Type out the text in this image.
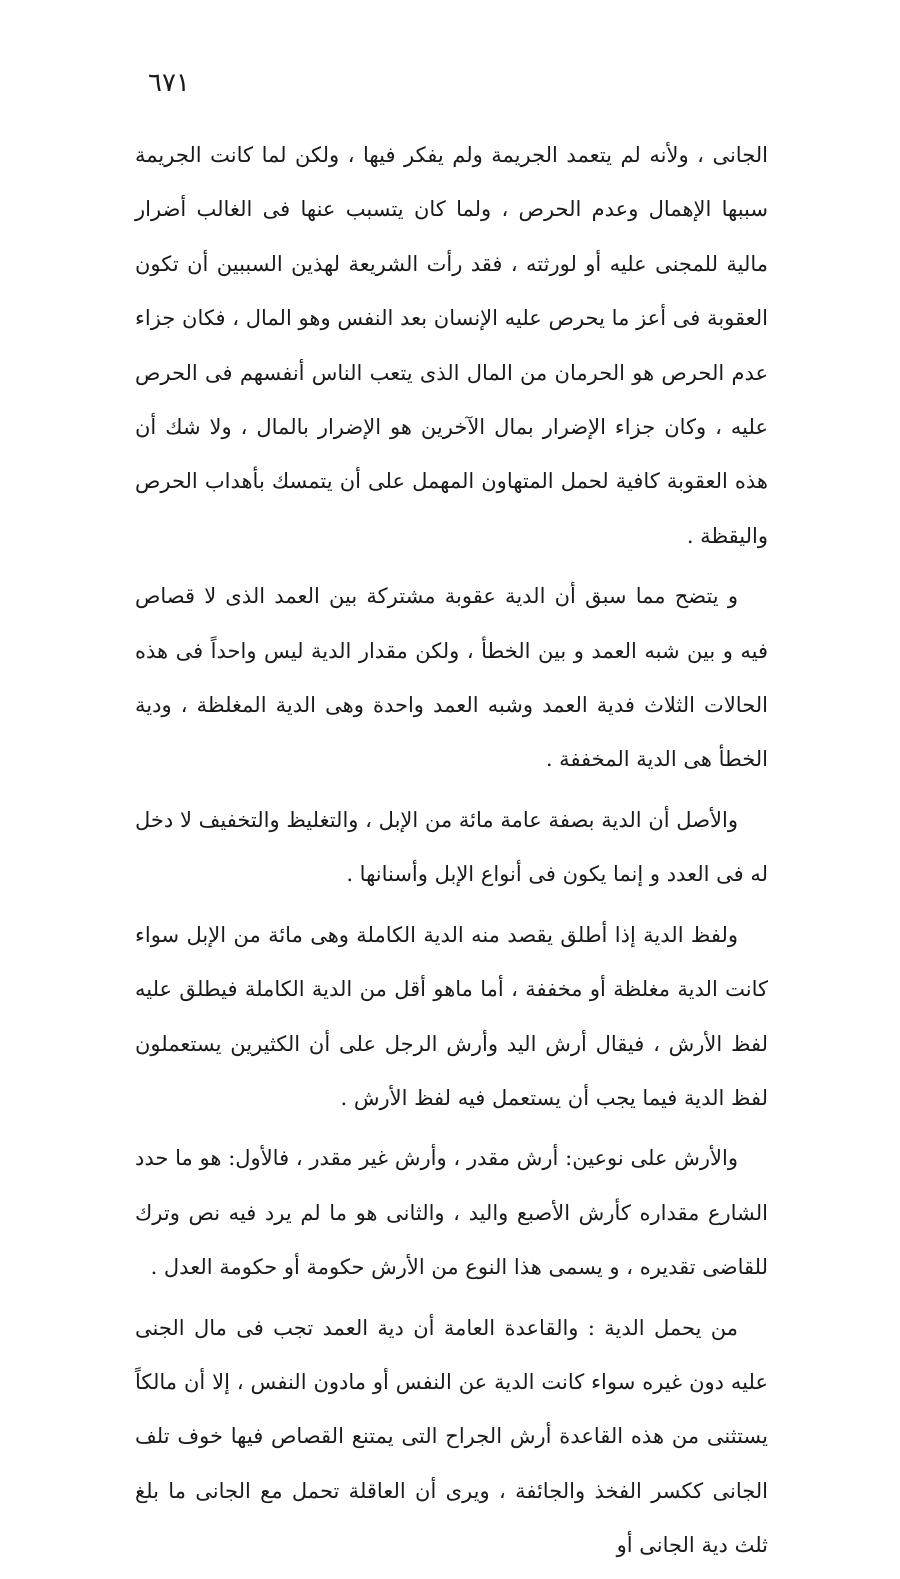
٦٧١

الجانى ، ولأنه لم يتعمد الجريمة ولم يفكر فيها ، ولكن لما كانت الجريمة سببها الإهمال وعدم الحرص ، ولما كان يتسبب عنها فى الغالب أضرار مالية للمجنى عليه أو لورثته ، فقد رأت الشريعة لهذين السببين أن تكون العقوبة فى أعز ما يحرص عليه الإنسان بعد النفس وهو المال ، فكان جزاء عدم الحرص هو الحرمان من المال الذى يتعب الناس أنفسهم فى الحرص عليه ، وكان جزاء الإضرار بمال الآخرين هو الإضرار بالمال ، ولا شك أن هذه العقوبة كافية لحمل المتهاون المهمل على أن يتمسك بأهداب الحرص واليقظة .

و يتضح مما سبق أن الدية عقوبة مشتركة بين العمد الذى لا قصاص فيه و بين شبه العمد و بين الخطأ ، ولكن مقدار الدية ليس واحداً فى هذه الحالات الثلاث فدية العمد وشبه العمد واحدة وهى الدية المغلظة ، ودية الخطأ هى الدية المخففة .

والأصل أن الدية بصفة عامة مائة من الإبل ، والتغليظ والتخفيف لا دخل له فى العدد و إنما يكون فى أنواع الإبل وأسنانها .

ولفظ الدية إذا أطلق يقصد منه الدية الكاملة وهى مائة من الإبل سواء كانت الدية مغلظة أو مخففة ، أما ماهو أقل من الدية الكاملة فيطلق عليه لفظ الأرش ، فيقال أرش اليد وأرش الرجل على أن الكثيرين يستعملون لفظ الدية فيما يجب أن يستعمل فيه لفظ الأرش .

والأرش على نوعين: أرش مقدر ، وأرش غير مقدر ، فالأول: هو ما حدد الشارع مقداره كأرش الأصبع واليد ، والثانى هو ما لم يرد فيه نص وترك للقاضى تقديره ، و يسمى هذا النوع من الأرش حكومة أو حكومة العدل .

من يحمل الدية : والقاعدة العامة أن دية العمد تجب فى مال الجنى عليه دون غيره سواء كانت الدية عن النفس أو مادون النفس ، إلا أن مالكاً يستثنى من هذه القاعدة أرش الجراح التى يمتنع القصاص فيها خوف تلف الجانى ككسر الفخذ والجائفة ، ويرى أن العاقلة تحمل مع الجانى ما بلغ ثلث دية الجانى أو
